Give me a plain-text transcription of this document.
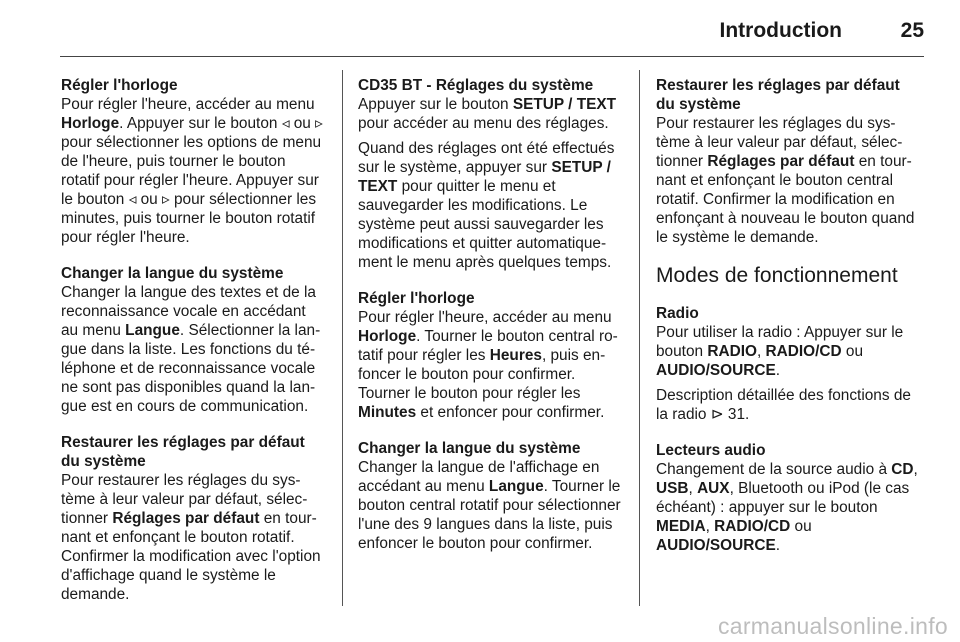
Introduction	25

Régler l'horloge

Pour régler l'heure, accéder au menu Horloge. Appuyer sur le bouton ◃ ou ▹ pour sélectionner les options de menu de l'heure, puis tourner le bouton rotatif pour régler l'heure. Appuyer sur le bouton ◃ ou ▹ pour sélectionner les minutes, puis tourner le bouton rotatif pour régler l'heure.

Changer la langue du système

Changer la langue des textes et de la reconnaissance vocale en accédant au menu Langue. Sélectionner la langue dans la liste. Les fonctions du téléphone et de reconnaissance vocale ne sont pas disponibles quand la langue est en cours de communication.

Restaurer les réglages par défaut du système

Pour restaurer les réglages du système à leur valeur par défaut, sélectionner Réglages par défaut en tournant et enfonçant le bouton rotatif. Confirmer la modification avec l'option d'affichage quand le système le demande.

CD35 BT - Réglages du système

Appuyer sur le bouton SETUP / TEXT pour accéder au menu des réglages.

Quand des réglages ont été effectués sur le système, appuyer sur SETUP / TEXT pour quitter le menu et sauvegarder les modifications. Le système peut aussi sauvegarder les modifications et quitter automatiquement le menu après quelques temps.

Régler l'horloge

Pour régler l'heure, accéder au menu Horloge. Tourner le bouton central rotatif pour régler les Heures, puis enfoncer le bouton pour confirmer. Tourner le bouton pour régler les Minutes et enfoncer pour confirmer.

Changer la langue du système

Changer la langue de l'affichage en accédant au menu Langue. Tourner le bouton central rotatif pour sélectionner l'une des 9 langues dans la liste, puis enfoncer le bouton pour confirmer.

Restaurer les réglages par défaut du système

Pour restaurer les réglages du système à leur valeur par défaut, sélectionner Réglages par défaut en tournant et enfonçant le bouton central rotatif. Confirmer la modification en enfonçant à nouveau le bouton quand le système le demande.

Modes de fonctionnement

Radio

Pour utiliser la radio : Appuyer sur le bouton RADIO, RADIO/CD ou AUDIO/SOURCE.

Description détaillée des fonctions de la radio ⊳ 31.

Lecteurs audio

Changement de la source audio à CD, USB, AUX, Bluetooth ou iPod (le cas échéant) : appuyer sur le bouton MEDIA, RADIO/CD ou AUDIO/SOURCE.

carmanualsonline.info
